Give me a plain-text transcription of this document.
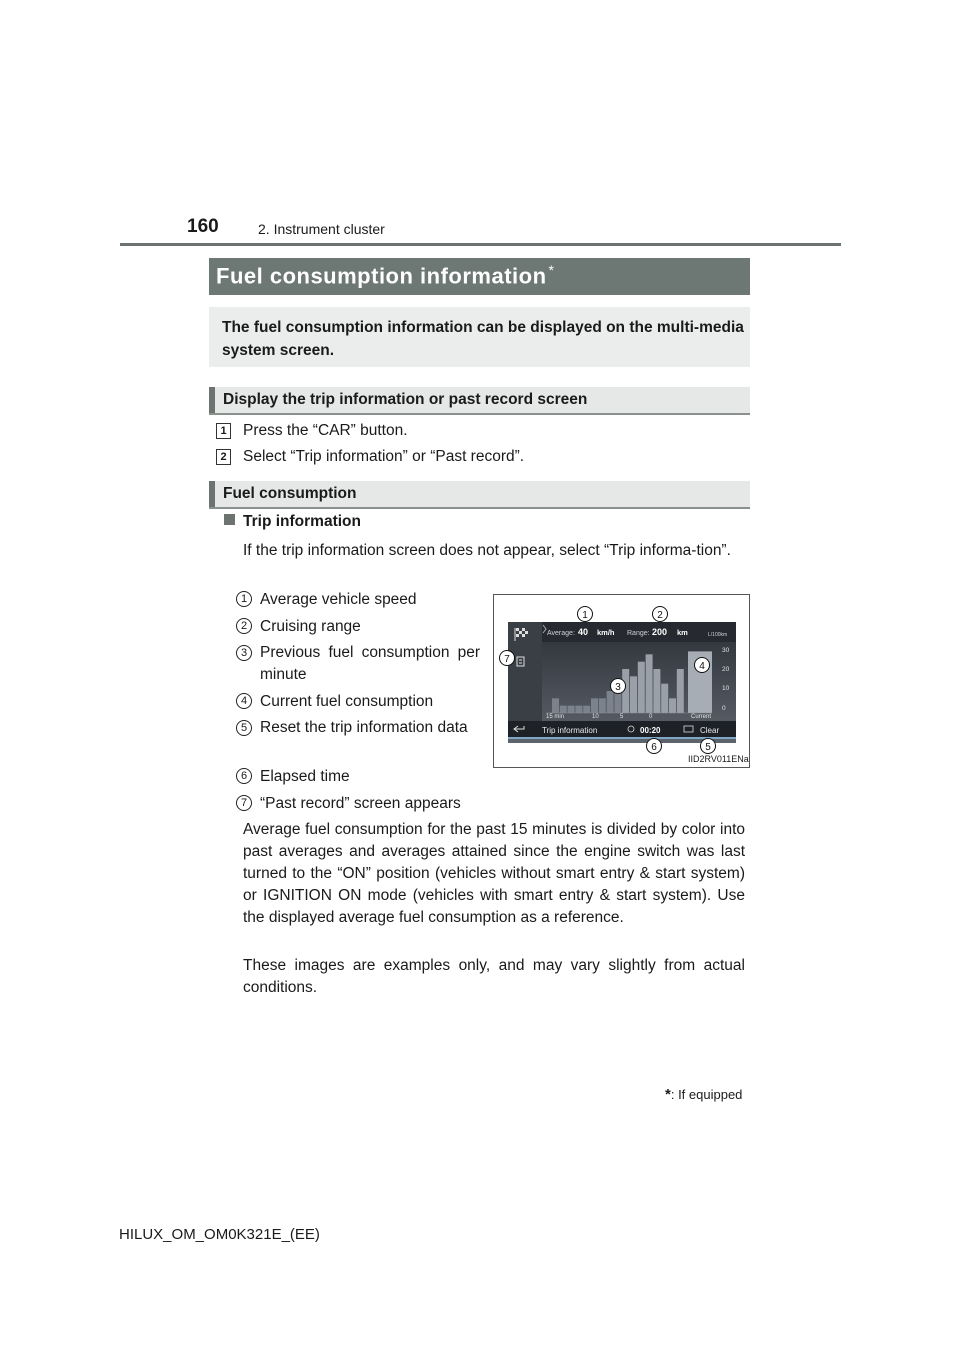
160	2. Instrument cluster
Fuel consumption information *
The fuel consumption information can be displayed on the multi-media system screen.
Display the trip information or past record screen
1 Press the “CAR” button.
2 Select “Trip information” or “Past record”.
Fuel consumption
Trip information
If the trip information screen does not appear, select “Trip informa-tion”.
1 Average vehicle speed
2 Cruising range
3 Previous fuel consumption per minute
4 Current fuel consumption
5 Reset the trip information data
6 Elapsed time
7 “Past record” screen appears
Average: 40 km/h Range: 200 km	L/100km
30
20
10
0
15 min	10	5	0	Current
Trip information	00:20	Clear
1	2
3
4
5
6
7
IID2RV011ENa
Average fuel consumption for the past 15 minutes is divided by color into past averages and averages attained since the engine switch was last turned to the “ON” position (vehicles without smart entry & start system) or IGNITION ON mode (vehicles with smart entry & start system). Use the displayed average fuel consumption as a reference.
These images are examples only, and may vary slightly from actual conditions.
*: If equipped
HILUX_OM_OM0K321E_(EE)
